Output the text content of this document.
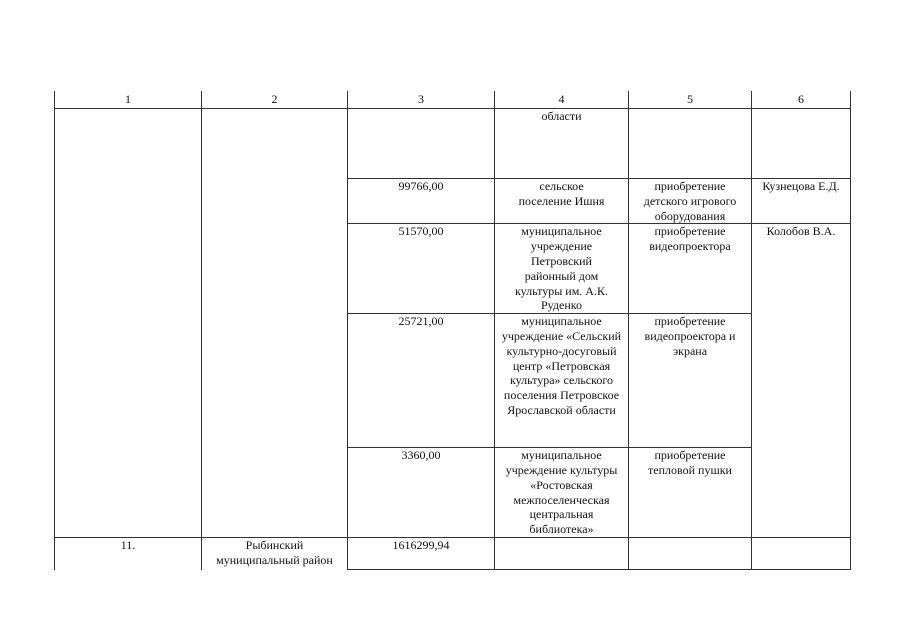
1	2	3	4	5	6
			области		
		99766,00	сельское поселение Ишня	приобретение детского игрового оборудования	Кузнецова Е.Д.
		51570,00	муниципальное учреждение Петровский районный дом культуры им. А.К. Руденко	приобретение видеопроектора	Колобов В.А.
		25721,00	муниципальное учреждение «Сельский культурно-досуговый центр «Петровская культура» сельского поселения Петровское Ярославской области	приобретение видеопроектора и экрана	
		3360,00	муниципальное учреждение культуры «Ростовская межпоселенческая центральная библиотека»	приобретение тепловой пушки	
11.	Рыбинский муниципальный район	1616299,94			
